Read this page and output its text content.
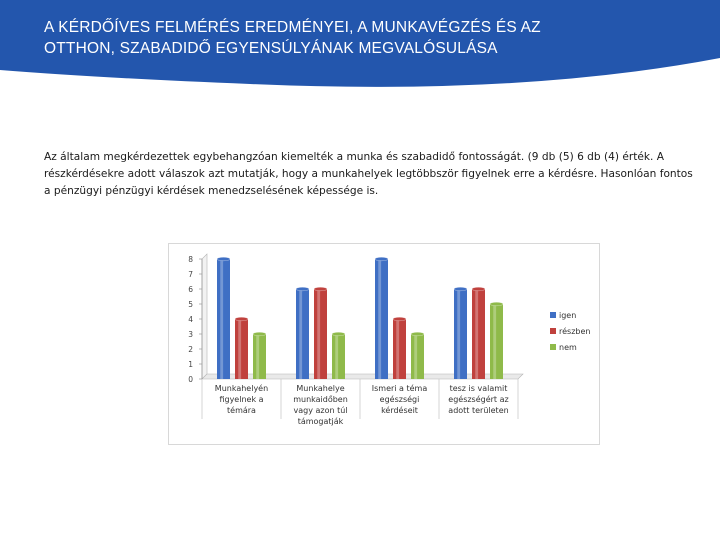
A KÉRDŐÍVES FELMÉRÉS EREDMÉNYEI, A MUNKAVÉGZÉS ÉS AZ OTTHON, SZABADIDŐ EGYENSÚLYÁNAK MEGVALÓSULÁSA

Az általam megkérdezettek egybehangzóan kiemelték a munka és szabadidő fontosságát. (9 db (5) 6 db (4) érték. A részkérdésekre adott válaszok azt mutatják, hogy a munkahelyek legtöbbször figyelnek erre a kérdésre. Hasonlóan fontos a pénzügyi pénzügyi kérdések menedzselésének képessége is.

0
1
2
3
4
5
6
7
8
Munkahelyén figyelnek a témára
Munkahelye munkaidőben vagy azon túl támogatják
Ismeri a téma egészségi kérdéseit
tesz is valamit egészségért az adott területen
igen
részben
nem
